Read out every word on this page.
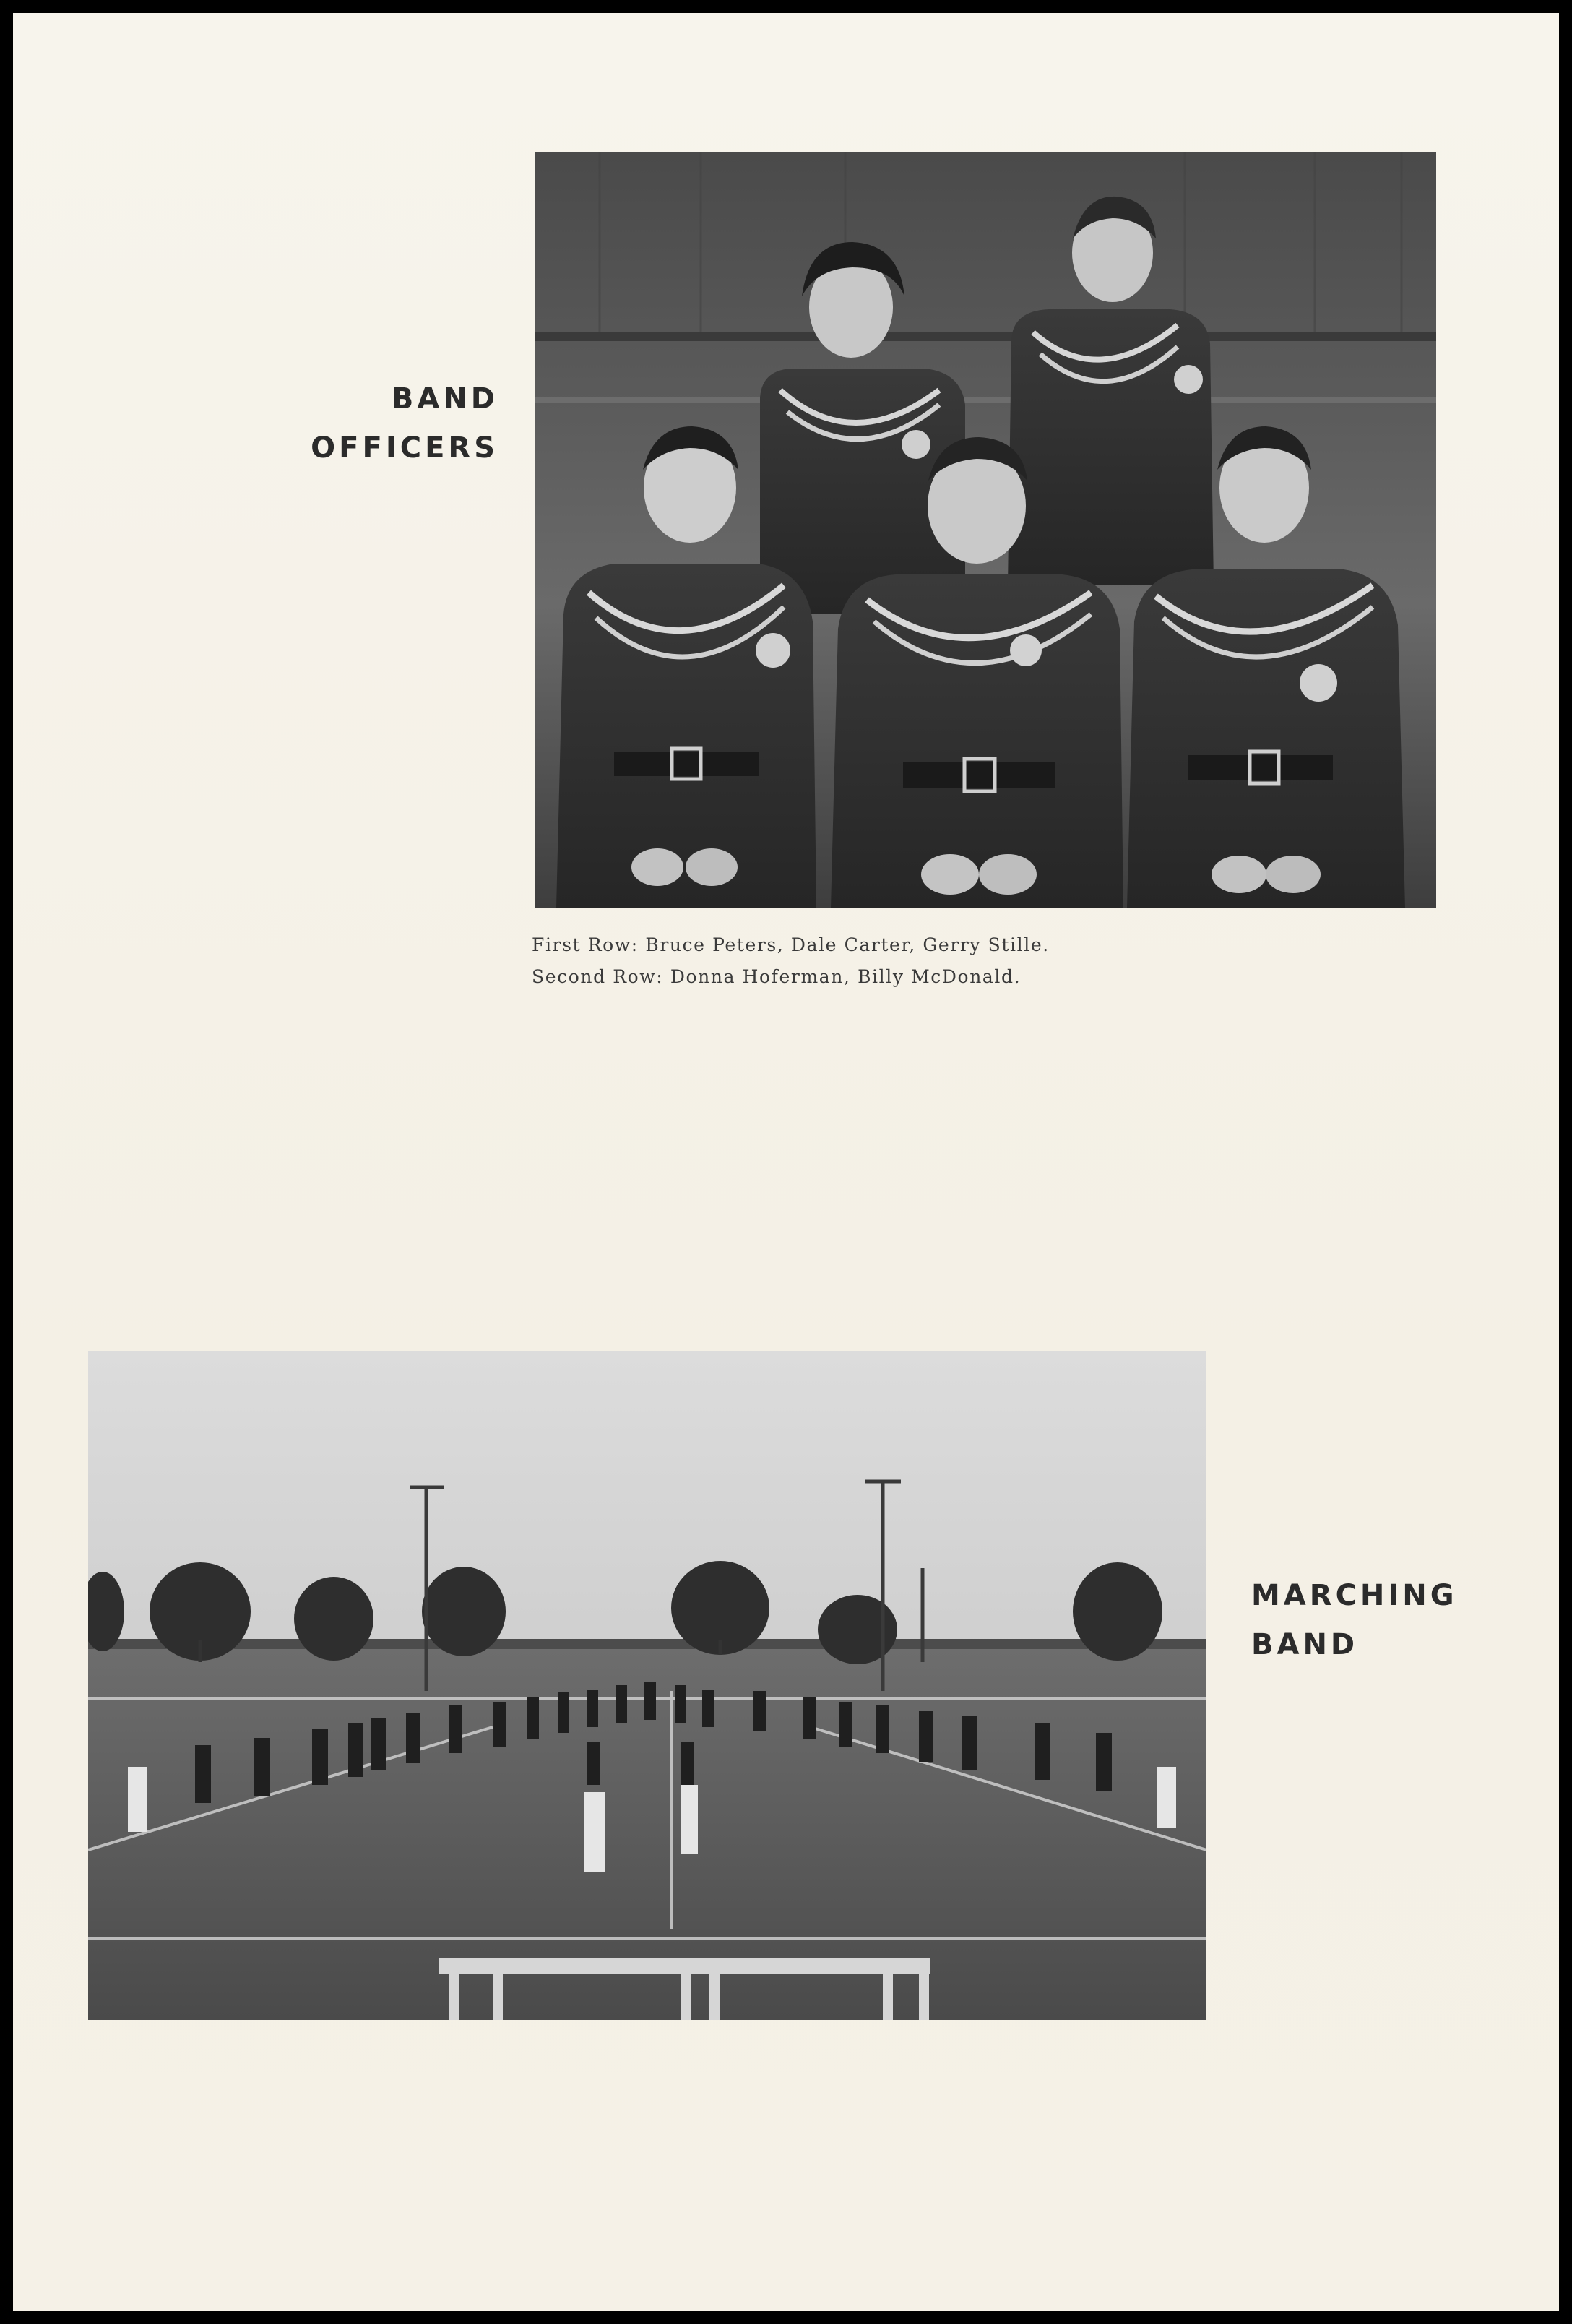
BAND
OFFICERS
First Row: Bruce Peters, Dale Carter, Gerry Stille.
Second Row: Donna Hoferman, Billy McDonald.
MARCHING
BAND
